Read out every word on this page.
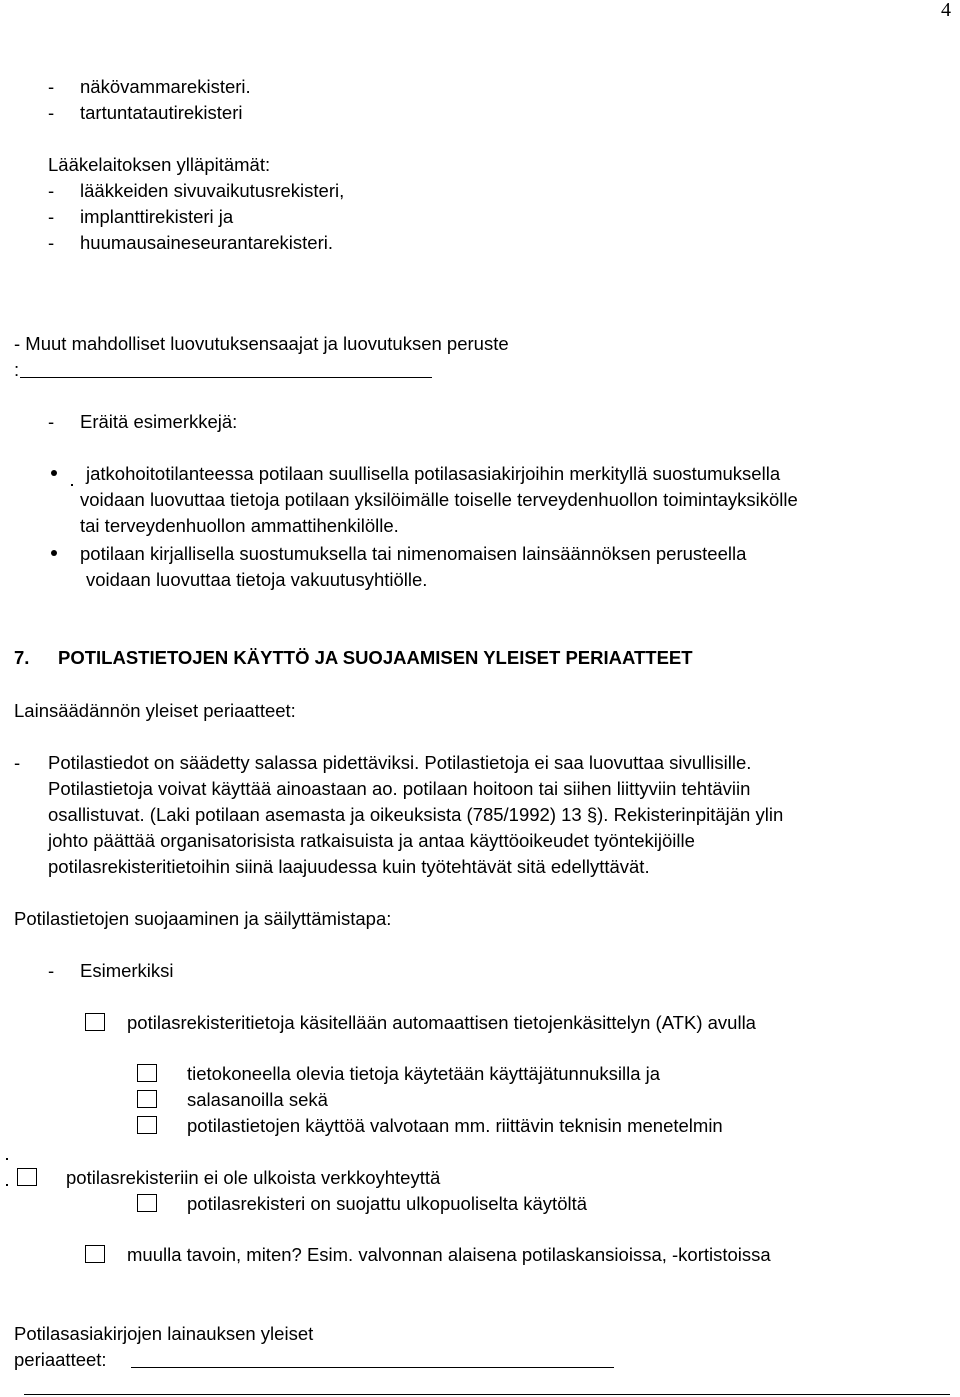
4
- näkövammarekisteri.
- tartuntatautirekisteri
Lääkelaitoksen ylläpitämät:
- lääkkeiden sivuvaikutusrekisteri,
- implanttirekisteri ja
- huumausaineseurantarekisteri.
- Muut mahdolliset luovutuksensaajat ja luovutuksen peruste
:
- Eräitä esimerkkejä:
jatkohoitotilanteessa potilaan suullisella potilasasiakirjoihin merkityllä suostumuksella
voidaan luovuttaa tietoja potilaan yksilöimälle toiselle terveydenhuollon toimintayksikölle
tai terveydenhuollon ammattihenkilölle.
potilaan kirjallisella suostumuksella tai nimenomaisen lainsäännöksen perusteella
voidaan luovuttaa tietoja vakuutusyhtiölle.
7. POTILASTIETOJEN KÄYTTÖ JA SUOJAAMISEN YLEISET PERIAATTEET
Lainsäädännön yleiset periaatteet:
- Potilastiedot on säädetty salassa pidettäviksi. Potilastietoja ei saa luovuttaa sivullisille.
Potilastietoja voivat käyttää ainoastaan ao. potilaan hoitoon tai siihen liittyviin tehtäviin
osallistuvat. (Laki potilaan asemasta ja oikeuksista (785/1992) 13 §). Rekisterinpitäjän ylin
johto päättää organisatorisista ratkaisuista ja antaa käyttöoikeudet työntekijöille
potilasrekisteritietoihin siinä laajuudessa kuin työtehtävät sitä edellyttävät.
Potilastietojen suojaaminen ja säilyttämistapa:
- Esimerkiksi
potilasrekisteritietoja käsitellään automaattisen tietojenkäsittelyn (ATK) avulla
tietokoneella olevia tietoja käytetään käyttäjätunnuksilla ja
salasanoilla sekä
potilastietojen käyttöä valvotaan mm. riittävin teknisin menetelmin
potilasrekisteriin ei ole ulkoista verkkoyhteyttä
potilasrekisteri on suojattu ulkopuoliselta käytöltä
muulla tavoin, miten? Esim. valvonnan alaisena potilaskansioissa, -kortistoissa
Potilasasiakirjojen lainauksen yleiset
periaatteet:
